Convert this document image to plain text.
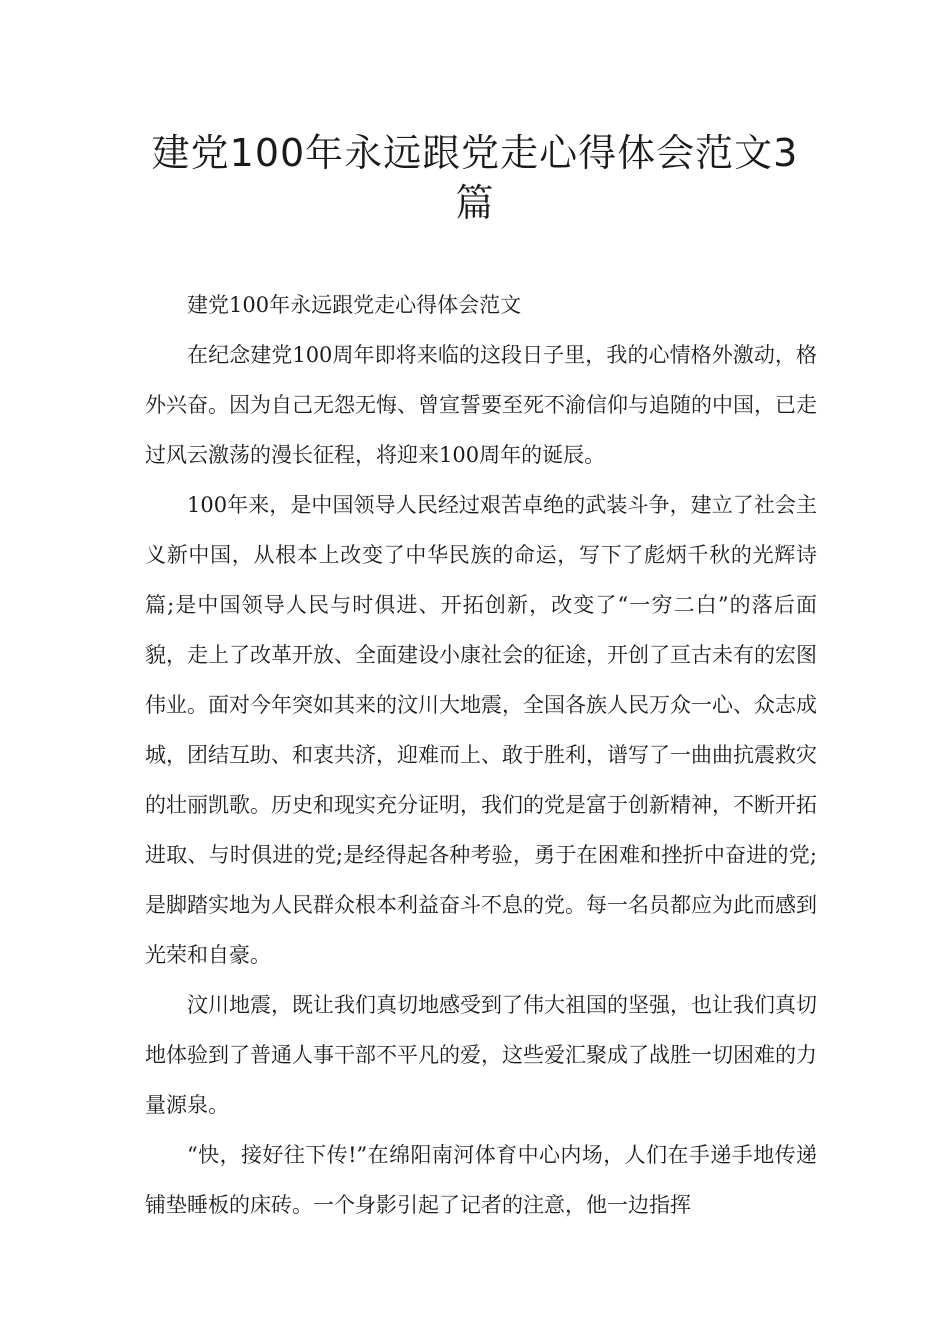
建党100年永远跟党走心得体会范文3篇

建党100年永远跟党走心得体会范文

在纪念建党100周年即将来临的这段日子里，我的心情格外激动，格外兴奋。因为自己无怨无悔、曾宣誓要至死不渝信仰与追随的中国，已走过风云激荡的漫长征程，将迎来100周年的诞辰。

100年来，是中国领导人民经过艰苦卓绝的武装斗争，建立了社会主义新中国，从根本上改变了中华民族的命运，写下了彪炳千秋的光辉诗篇;是中国领导人民与时俱进、开拓创新，改变了“一穷二白”的落后面貌，走上了改革开放、全面建设小康社会的征途，开创了亘古未有的宏图伟业。面对今年突如其来的汶川大地震，全国各族人民万众一心、众志成城，团结互助、和衷共济，迎难而上、敢于胜利，谱写了一曲曲抗震救灾的壮丽凯歌。历史和现实充分证明，我们的党是富于创新精神，不断开拓进取、与时俱进的党;是经得起各种考验，勇于在困难和挫折中奋进的党;是脚踏实地为人民群众根本利益奋斗不息的党。每一名员都应为此而感到光荣和自豪。

汶川地震，既让我们真切地感受到了伟大祖国的坚强，也让我们真切地体验到了普通人事干部不平凡的爱，这些爱汇聚成了战胜一切困难的力量源泉。

“快，接好往下传!”在绵阳南河体育中心内场，人们在手递手地传递铺垫睡板的床砖。一个身影引起了记者的注意，他一边指挥
